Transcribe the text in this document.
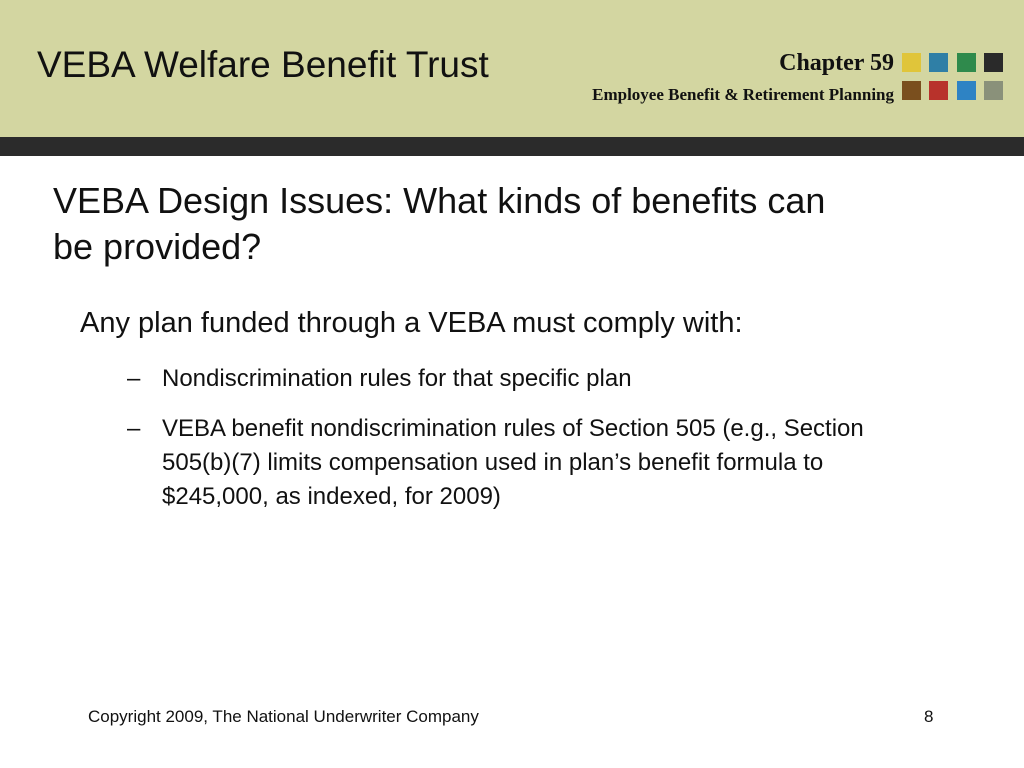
VEBA Welfare Benefit Trust	Chapter 59
Employee Benefit & Retirement Planning
VEBA Design Issues: What kinds of benefits can be provided?
Any plan funded through a VEBA must comply with:
– Nondiscrimination rules for that specific plan
– VEBA benefit nondiscrimination rules of Section 505 (e.g., Section 505(b)(7) limits compensation used in plan’s benefit formula to $245,000, as indexed, for 2009)
Copyright 2009, The National Underwriter Company	8
